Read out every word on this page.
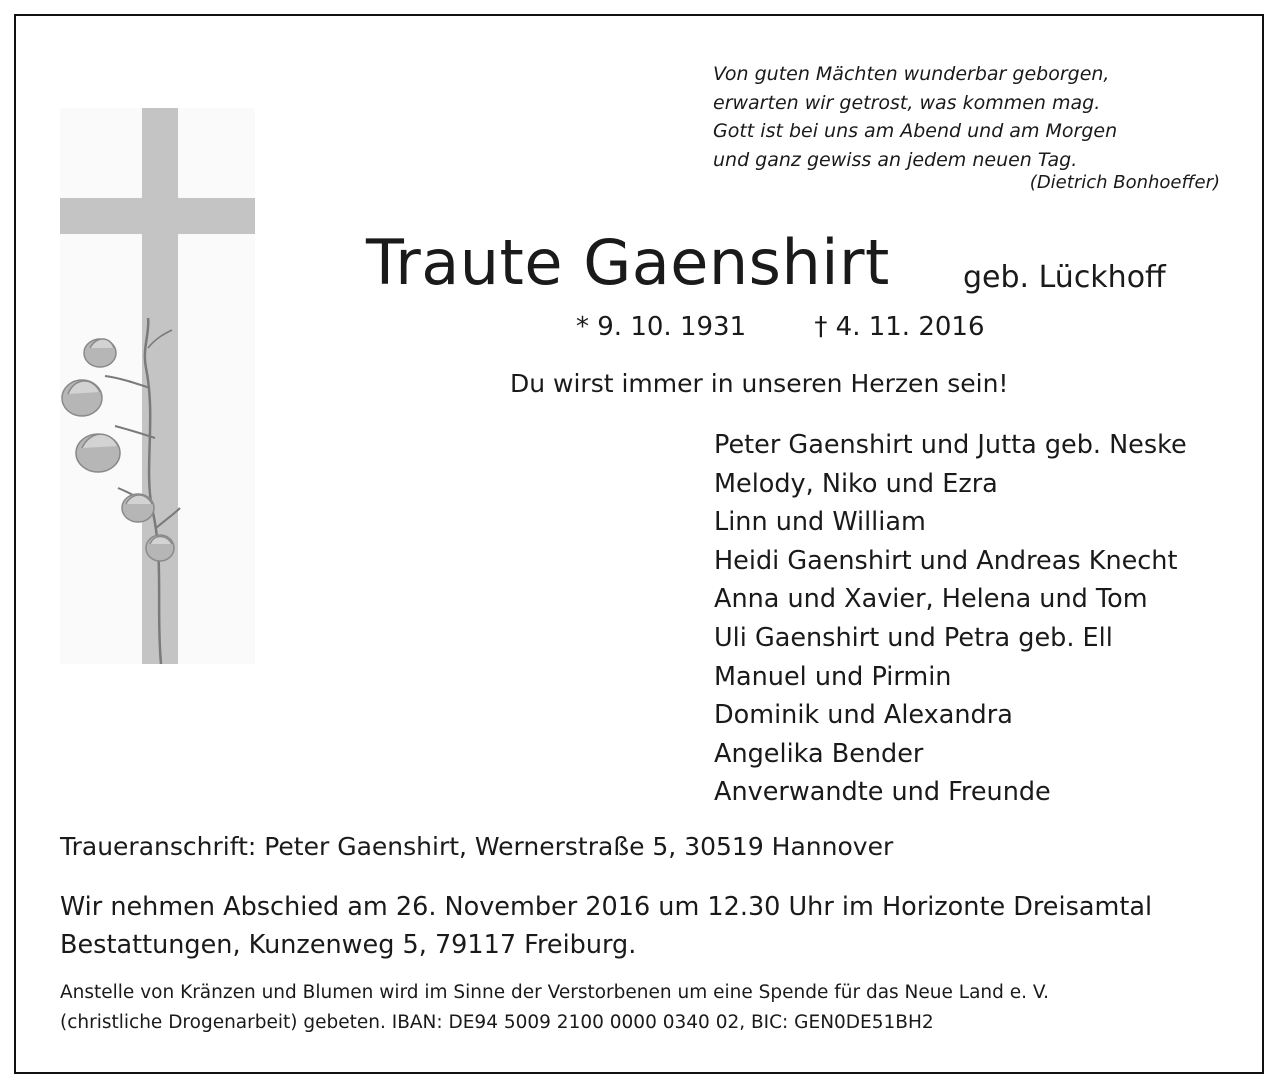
Von guten Mächten wunderbar geborgen,
erwarten wir getrost, was kommen mag.
Gott ist bei uns am Abend und am Morgen
und ganz gewiss an jedem neuen Tag.
(Dietrich Bonhoeffer)
Traute Gaenshirt geb. Lückhoff
* 9. 10. 1931	† 4. 11. 2016
Du wirst immer in unseren Herzen sein!
Peter Gaenshirt und Jutta geb. Neske
Melody, Niko und Ezra
Linn und William
Heidi Gaenshirt und Andreas Knecht
Anna und Xavier, Helena und Tom
Uli Gaenshirt und Petra geb. Ell
Manuel und Pirmin
Dominik und Alexandra
Angelika Bender
Anverwandte und Freunde
Traueranschrift: Peter Gaenshirt, Wernerstraße 5, 30519 Hannover
Wir nehmen Abschied am 26. November 2016 um 12.30 Uhr im Horizonte Dreisamtal
Bestattungen, Kunzenweg 5, 79117 Freiburg.
Anstelle von Kränzen und Blumen wird im Sinne der Verstorbenen um eine Spende für das Neue Land e. V.
(christliche Drogenarbeit) gebeten. IBAN: DE94 5009 2100 0000 0340 02, BIC: GEN0DE51BH2
